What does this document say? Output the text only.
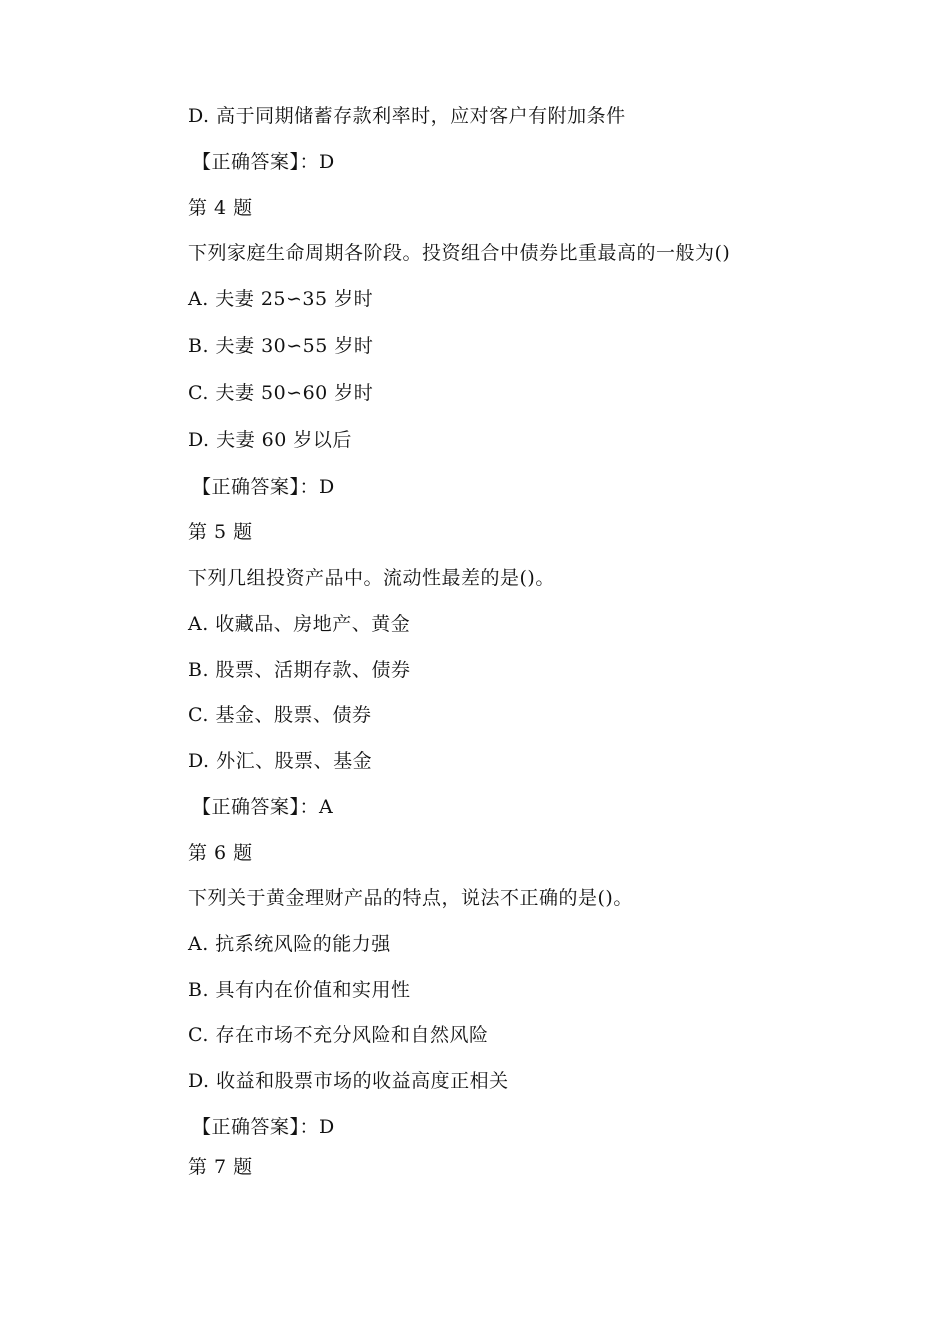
D. 高于同期储蓄存款利率时，应对客户有附加条件
【正确答案】：D
第 4 题
下列家庭生命周期各阶段。投资组合中债券比重最高的一般为()
A. 夫妻 25∽35 岁时
B. 夫妻 30∽55 岁时
C. 夫妻 50∽60 岁时
D. 夫妻 60 岁以后
【正确答案】：D
第 5 题
下列几组投资产品中。流动性最差的是()。
A. 收藏品、房地产、黄金
B. 股票、活期存款、债券
C. 基金、股票、债券
D. 外汇、股票、基金
【正确答案】：A
第 6 题
下列关于黄金理财产品的特点，说法不正确的是()。
A. 抗系统风险的能力强
B. 具有内在价值和实用性
C. 存在市场不充分风险和自然风险
D. 收益和股票市场的收益高度正相关
【正确答案】：D
第 7 题
